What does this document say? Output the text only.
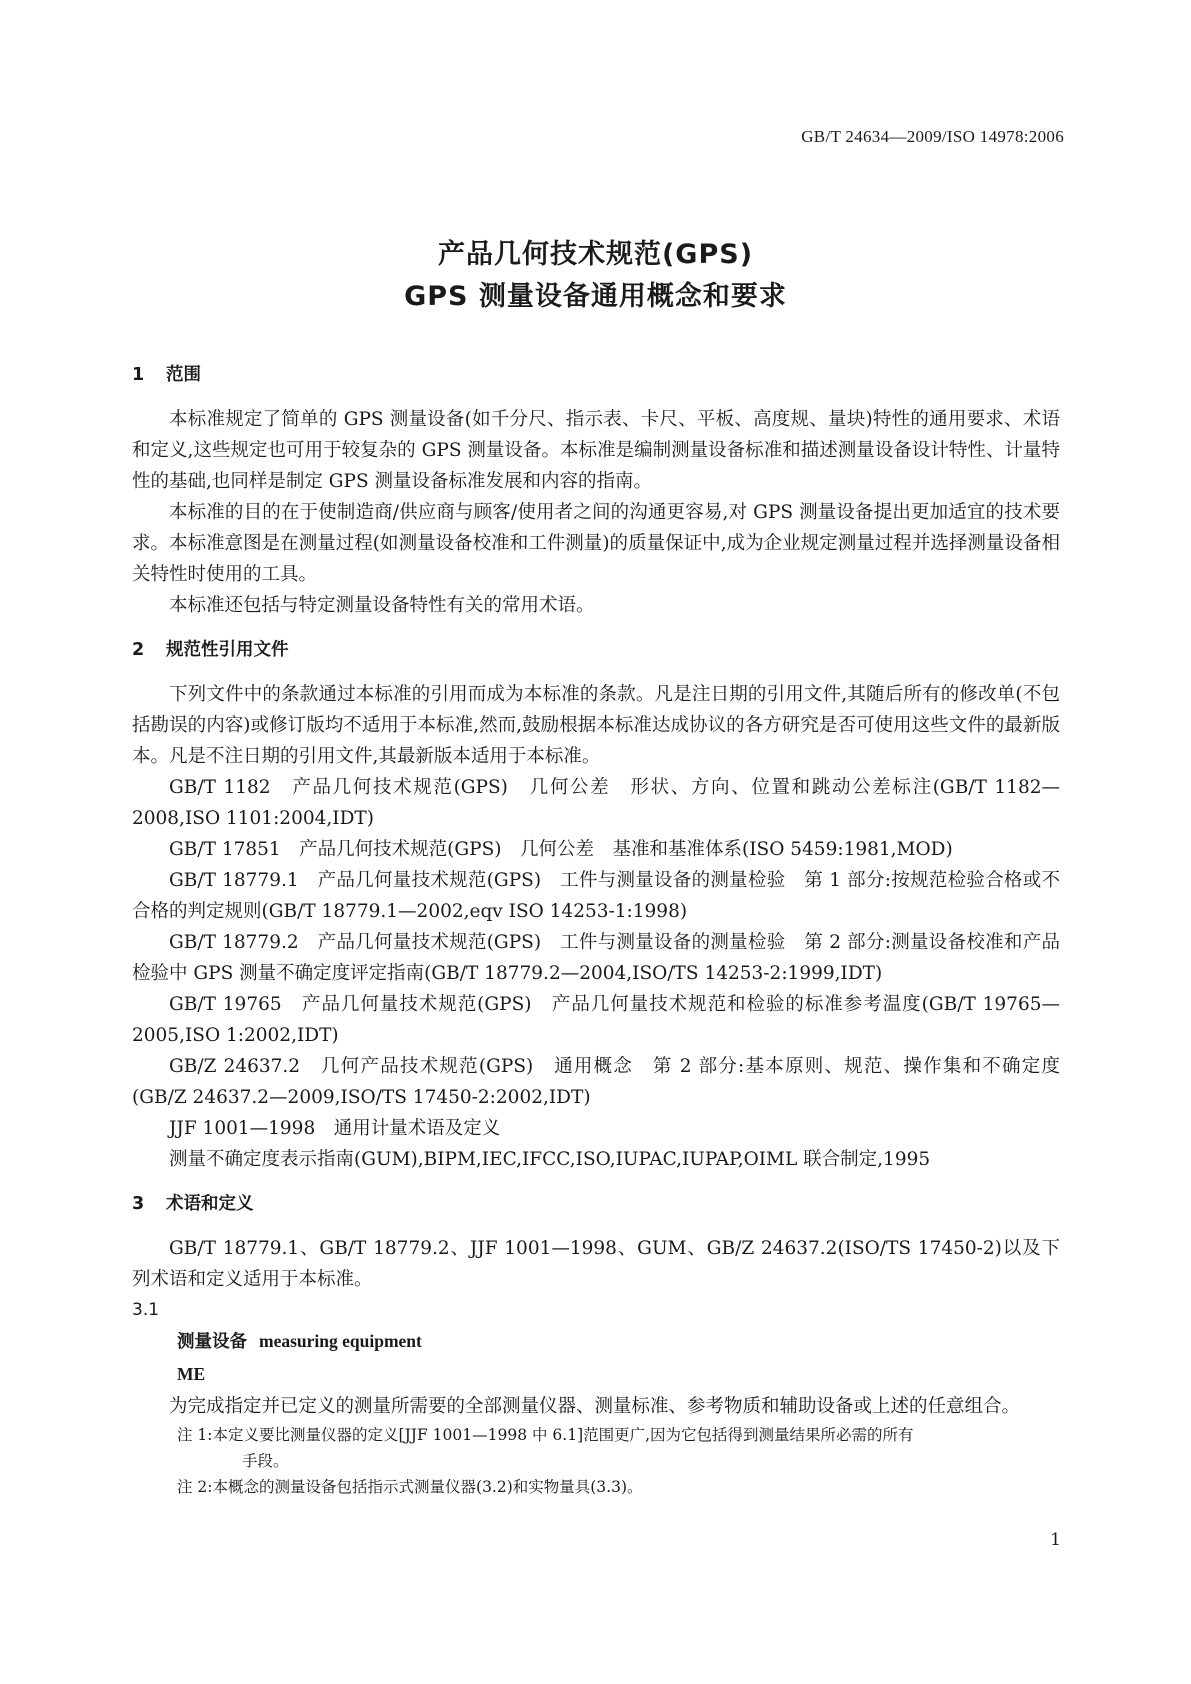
GB/T 24634—2009/ISO 14978:2006
产品几何技术规范(GPS)
GPS 测量设备通用概念和要求
1 范围

本标准规定了简单的 GPS 测量设备(如千分尺、指示表、卡尺、平板、高度规、量块)特性的通用要求、术语和定义,这些规定也可用于较复杂的 GPS 测量设备。本标准是编制测量设备标准和描述测量设备设计特性、计量特性的基础,也同样是制定 GPS 测量设备标准发展和内容的指南。

本标准的目的在于使制造商/供应商与顾客/使用者之间的沟通更容易,对 GPS 测量设备提出更加适宜的技术要求。本标准意图是在测量过程(如测量设备校准和工件测量)的质量保证中,成为企业规定测量过程并选择测量设备相关特性时使用的工具。

本标准还包括与特定测量设备特性有关的常用术语。

2 规范性引用文件

下列文件中的条款通过本标准的引用而成为本标准的条款。凡是注日期的引用文件,其随后所有的修改单(不包括勘误的内容)或修订版均不适用于本标准,然而,鼓励根据本标准达成协议的各方研究是否可使用这些文件的最新版本。凡是不注日期的引用文件,其最新版本适用于本标准。

GB/T 1182　产品几何技术规范(GPS)　几何公差　形状、方向、位置和跳动公差标注(GB/T 1182—2008,ISO 1101:2004,IDT)

GB/T 17851　产品几何技术规范(GPS)　几何公差　基准和基准体系(ISO 5459:1981,MOD)

GB/T 18779.1　产品几何量技术规范(GPS)　工件与测量设备的测量检验　第 1 部分:按规范检验合格或不合格的判定规则(GB/T 18779.1—2002,eqv ISO 14253-1:1998)

GB/T 18779.2　产品几何量技术规范(GPS)　工件与测量设备的测量检验　第 2 部分:测量设备校准和产品检验中 GPS 测量不确定度评定指南(GB/T 18779.2—2004,ISO/TS 14253-2:1999,IDT)

GB/T 19765　产品几何量技术规范(GPS)　产品几何量技术规范和检验的标准参考温度(GB/T 19765—2005,ISO 1:2002,IDT)

GB/Z 24637.2　几何产品技术规范(GPS)　通用概念　第 2 部分:基本原则、规范、操作集和不确定度(GB/Z 24637.2—2009,ISO/TS 17450-2:2002,IDT)

JJF 1001—1998　通用计量术语及定义

测量不确定度表示指南(GUM),BIPM,IEC,IFCC,ISO,IUPAC,IUPAP,OIML 联合制定,1995

3 术语和定义

GB/T 18779.1、GB/T 18779.2、JJF 1001—1998、GUM、GB/Z 24637.2(ISO/TS 17450-2)以及下列术语和定义适用于本标准。

3.1

测量设备 measuring equipment

ME

为完成指定并已定义的测量所需要的全部测量仪器、测量标准、参考物质和辅助设备或上述的任意组合。

注 1:本定义要比测量仪器的定义[JJF 1001—1998 中 6.1]范围更广,因为它包括得到测量结果所必需的所有

手段。

注 2:本概念的测量设备包括指示式测量仪器(3.2)和实物量具(3.3)。

1
